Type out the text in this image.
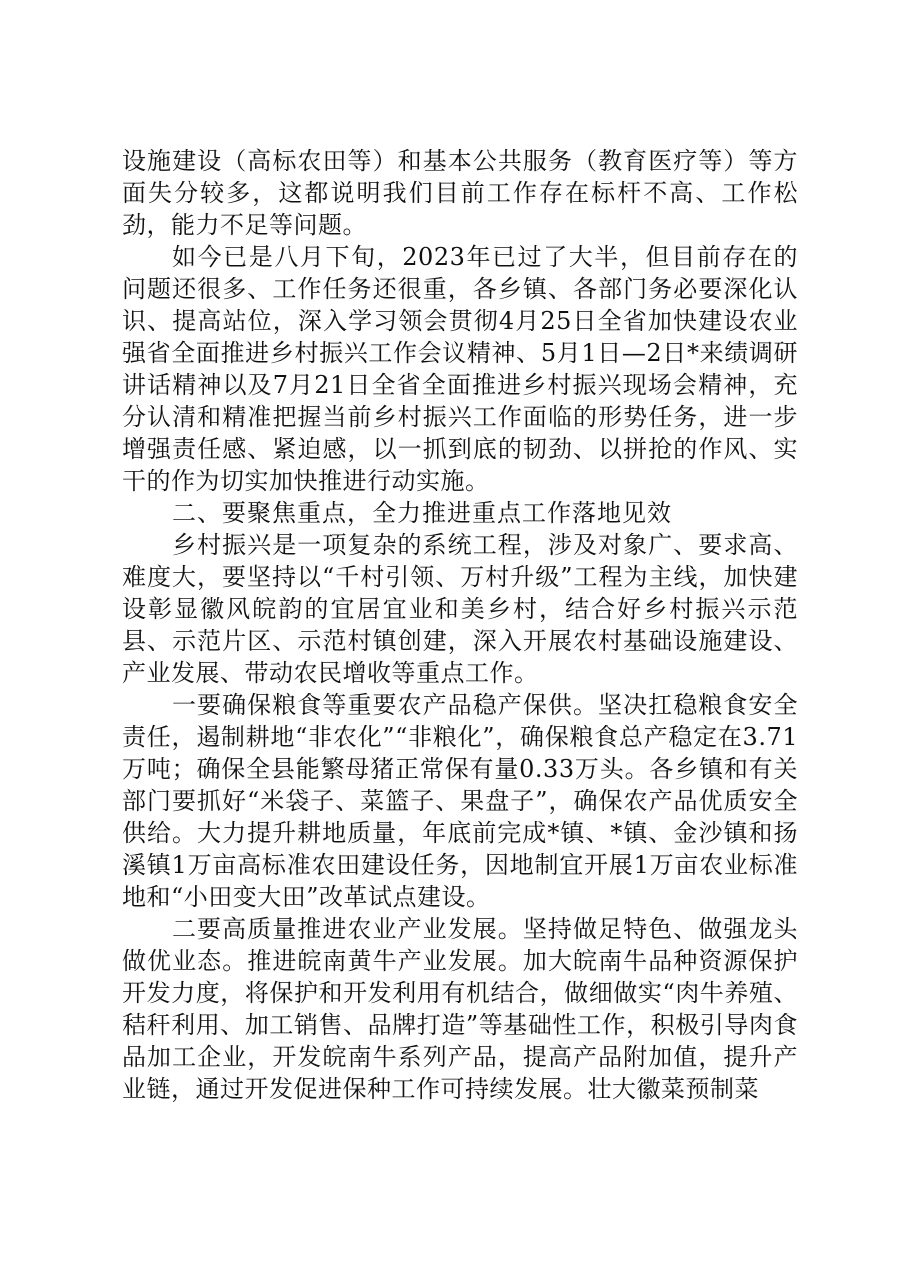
设施建设（高标农田等）和基本公共服务（教育医疗等）等方面失分较多，这都说明我们目前工作存在标杆不高、工作松劲，能力不足等问题。

如今已是八月下旬，2023年已过了大半，但目前存在的问题还很多、工作任务还很重，各乡镇、各部门务必要深化认识、提高站位，深入学习领会贯彻4月25日全省加快建设农业强省全面推进乡村振兴工作会议精神、5月1日—2日*来绩调研讲话精神以及7月21日全省全面推进乡村振兴现场会精神，充分认清和精准把握当前乡村振兴工作面临的形势任务，进一步增强责任感、紧迫感，以一抓到底的韧劲、以拼抢的作风、实干的作为切实加快推进行动实施。

二、要聚焦重点，全力推进重点工作落地见效

乡村振兴是一项复杂的系统工程，涉及对象广、要求高、难度大，要坚持以“千村引领、万村升级”工程为主线，加快建设彰显徽风皖韵的宜居宜业和美乡村，结合好乡村振兴示范县、示范片区、示范村镇创建，深入开展农村基础设施建设、产业发展、带动农民增收等重点工作。

一要确保粮食等重要农产品稳产保供。坚决扛稳粮食安全责任，遏制耕地“非农化”“非粮化”，确保粮食总产稳定在3.71万吨；确保全县能繁母猪正常保有量0.33万头。各乡镇和有关部门要抓好“米袋子、菜篮子、果盘子”，确保农产品优质安全供给。大力提升耕地质量，年底前完成*镇、*镇、金沙镇和扬溪镇1万亩高标准农田建设任务，因地制宜开展1万亩农业标准地和“小田变大田”改革试点建设。

二要高质量推进农业产业发展。坚持做足特色、做强龙头做优业态。推进皖南黄牛产业发展。加大皖南牛品种资源保护开发力度，将保护和开发利用有机结合，做细做实“肉牛养殖、秸秆利用、加工销售、品牌打造”等基础性工作，积极引导肉食品加工企业，开发皖南牛系列产品，提高产品附加值，提升产业链，通过开发促进保种工作可持续发展。壮大徽菜预制菜
